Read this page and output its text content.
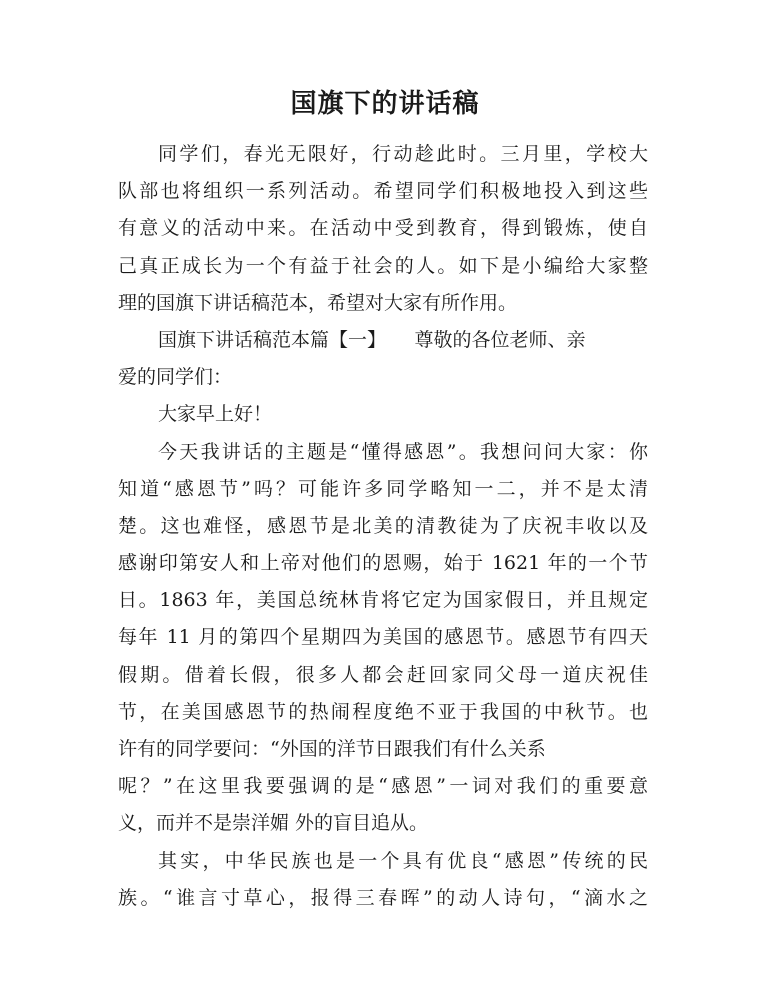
国旗下的讲话稿
同学们，春光无限好，行动趁此时。三月里，学校大
队部也将组织一系列活动。希望同学们积极地投入到这些
有意义的活动中来。在活动中受到教育，得到锻炼，使自
己真正成长为一个有益于社会的人。如下是小编给大家整
理的国旗下讲话稿范本，希望对大家有所作用。
国旗下讲话稿范本篇【一】　　尊敬的各位老师、亲
爱的同学们：
大家早上好！
今天我讲话的主题是“懂得感恩”。我想问问大家：你
知道“感恩节”吗？可能许多同学略知一二，并不是太清
楚。这也难怪，感恩节是北美的清教徒为了庆祝丰收以及
感谢印第安人和上帝对他们的恩赐，始于 1621 年的一个节
日。1863 年，美国总统林肯将它定为国家假日，并且规定
每年 11 月的第四个星期四为美国的感恩节。感恩节有四天
假期。借着长假，很多人都会赶回家同父母一道庆祝佳
节，在美国感恩节的热闹程度绝不亚于我国的中秋节。也
许有的同学要问：“外国的洋节日跟我们有什么关系
呢？”在这里我要强调的是“感恩”一词对我们的重要意
义，而并不是崇洋媚 外的盲目追从。
其实，中华民族也是一个具有优良“感恩”传统的民
族。“谁言寸草心，报得三春晖”的动人诗句，“滴水之
